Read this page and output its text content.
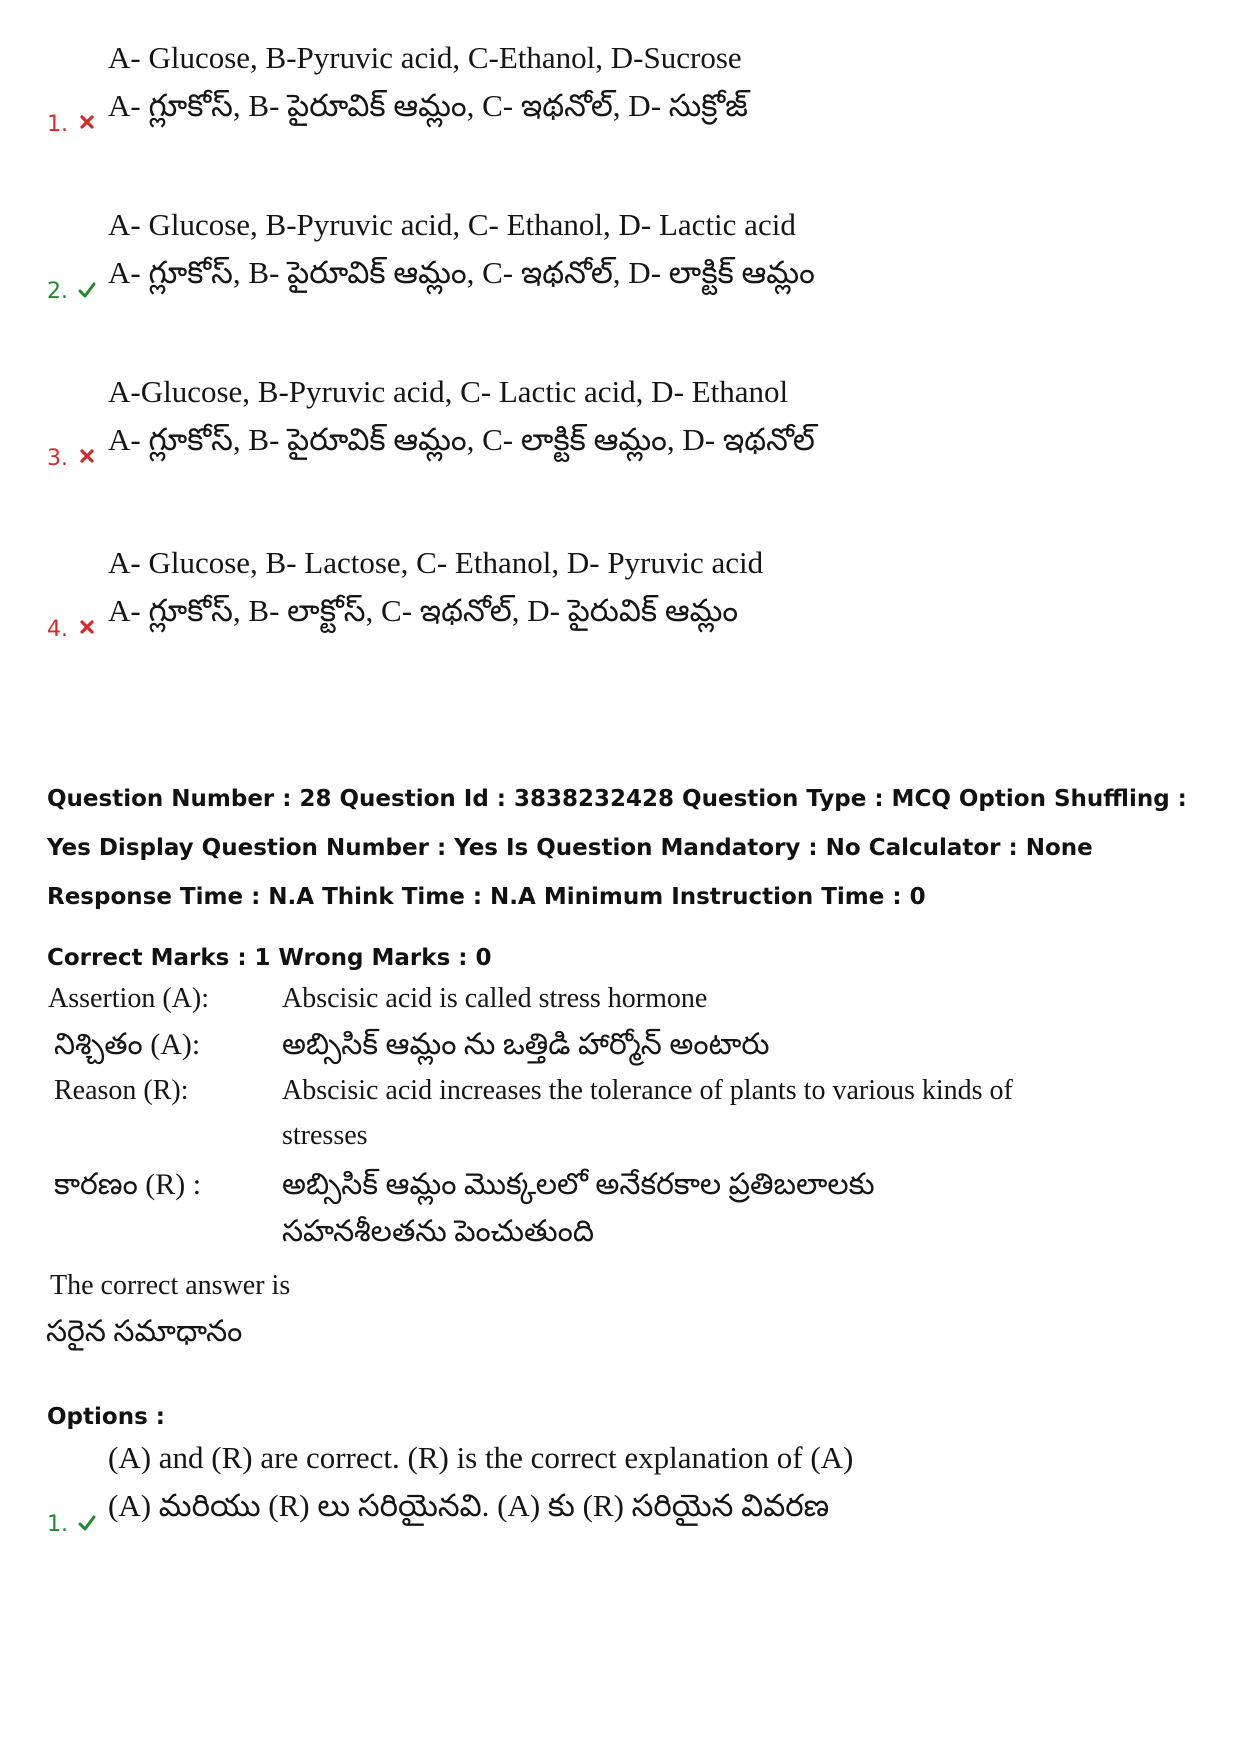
A- Glucose, B-Pyruvic acid, C-Ethanol, D-Sucrose
1.
A- గ్లూకోస్, B- పైరూవిక్ ఆమ్లం, C- ఇథనోల్, D- సుక్రోజ్
A- Glucose, B-Pyruvic acid, C- Ethanol, D- Lactic acid
2.
A- గ్లూకోస్, B- పైరూవిక్ ఆమ్లం, C- ఇథనోల్, D- లాక్టిక్ ఆమ్లం
A-Glucose, B-Pyruvic acid, C- Lactic acid, D- Ethanol
3.
A- గ్లూకోస్, B- పైరూవిక్ ఆమ్లం, C- లాక్టిక్ ఆమ్లం, D- ఇథనోల్
A- Glucose, B- Lactose, C- Ethanol, D- Pyruvic acid
4.
A- గ్లూకోస్, B- లాక్టోస్, C- ఇథనోల్, D- పైరువిక్ ఆమ్లం
Question Number : 28 Question Id : 3838232428 Question Type : MCQ Option Shuffling : Yes Display Question Number : Yes Is Question Mandatory : No Calculator : None Response Time : N.A Think Time : N.A Minimum Instruction Time : 0
Correct Marks : 1 Wrong Marks : 0
Assertion (A):	Abscisic acid is called stress hormone
నిశ్చితం (A):	అబ్సిసిక్ ఆమ్లం ను ఒత్తిడి హార్మోన్ అంటారు
Reason (R):	Abscisic acid increases the tolerance of plants to various kinds of
stresses
కారణం (R) :	అబ్సిసిక్ ఆమ్లం మొక్కలలో అనేకరకాల ప్రతిబలాలకు
సహనశీలతను పెంచుతుంది
The correct answer is
సరైన సమాధానం
Options :
(A) and (R) are correct. (R) is the correct explanation of (A)
1.
(A) మరియు (R) లు సరియైనవి. (A) కు (R) సరియైన వివరణ
